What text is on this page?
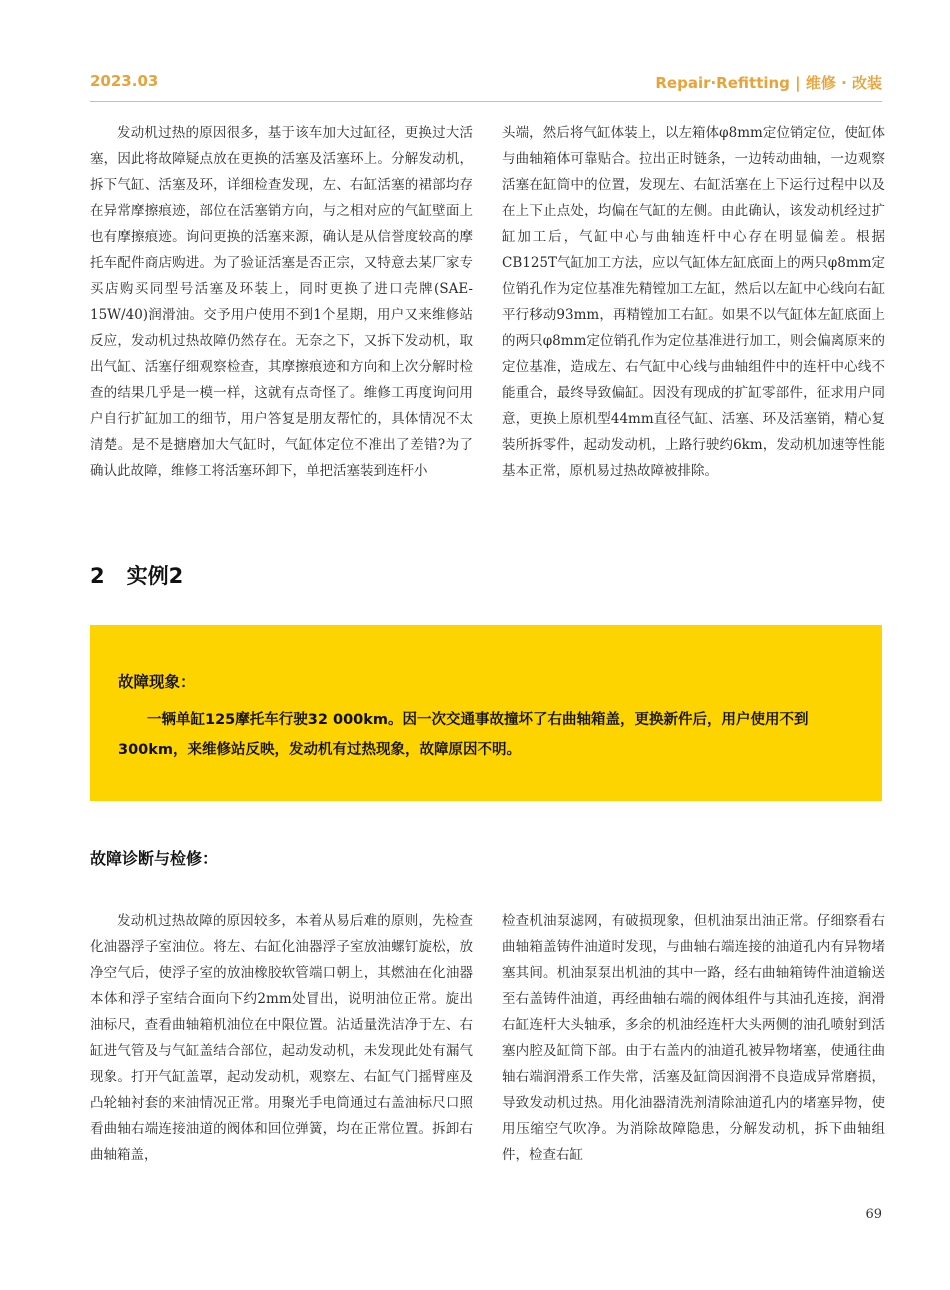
2023.03	Repair·Refitting | 维修 · 改装

发动机过热的原因很多，基于该车加大过缸径，更换过大活塞，因此将故障疑点放在更换的活塞及活塞环上。分解发动机，拆下气缸、活塞及环，详细检查发现，左、右缸活塞的裙部均存在异常摩擦痕迹，部位在活塞销方向，与之相对应的气缸壁面上也有摩擦痕迹。询问更换的活塞来源，确认是从信誉度较高的摩托车配件商店购进。为了验证活塞是否正宗，又特意去某厂家专买店购买同型号活塞及环装上，同时更换了进口壳牌(SAE-15W/40)润滑油。交予用户使用不到1个星期，用户又来维修站反应，发动机过热故障仍然存在。无奈之下，又拆下发动机，取出气缸、活塞仔细观察检查，其摩擦痕迹和方向和上次分解时检查的结果几乎是一模一样，这就有点奇怪了。维修工再度询问用户自行扩缸加工的细节，用户答复是朋友帮忙的，具体情况不太清楚。是不是搪磨加大气缸时，气缸体定位不准出了差错?为了确认此故障，维修工将活塞环卸下，单把活塞装到连杆小

头端，然后将气缸体装上，以左箱体φ8mm定位销定位，使缸体与曲轴箱体可靠贴合。拉出正时链条，一边转动曲轴，一边观察活塞在缸筒中的位置，发现左、右缸活塞在上下运行过程中以及在上下止点处，均偏在气缸的左侧。由此确认，该发动机经过扩缸加工后，气缸中心与曲轴连杆中心存在明显偏差。根据CB125T气缸加工方法，应以气缸体左缸底面上的两只φ8mm定位销孔作为定位基准先精镗加工左缸，然后以左缸中心线向右缸平行移动93mm，再精镗加工右缸。如果不以气缸体左缸底面上的两只φ8mm定位销孔作为定位基准进行加工，则会偏离原来的定位基准，造成左、右气缸中心线与曲轴组件中的连杆中心线不能重合，最终导致偏缸。因没有现成的扩缸零部件，征求用户同意，更换上原机型44mm直径气缸、活塞、环及活塞销，精心复装所拆零件，起动发动机，上路行驶约6km，发动机加速等性能基本正常，原机易过热故障被排除。

2 实例2
故障现象：
一辆单缸125摩托车行驶32 000km。因一次交通事故撞坏了右曲轴箱盖，更换新件后，用户使用不到300km，来维修站反映，发动机有过热现象，故障原因不明。
故障诊断与检修：

发动机过热故障的原因较多，本着从易后难的原则，先检查化油器浮子室油位。将左、右缸化油器浮子室放油螺钉旋松，放净空气后，使浮子室的放油橡胶软管端口朝上，其燃油在化油器本体和浮子室结合面向下约2mm处冒出，说明油位正常。旋出油标尺，查看曲轴箱机油位在中限位置。沾适量洗洁净于左、右缸进气管及与气缸盖结合部位，起动发动机，未发现此处有漏气现象。打开气缸盖罩，起动发动机，观察左、右缸气门摇臂座及凸轮轴衬套的来油情况正常。用聚光手电筒通过右盖油标尺口照看曲轴右端连接油道的阀体和回位弹簧，均在正常位置。拆卸右曲轴箱盖，

检查机油泵滤网，有破损现象，但机油泵出油正常。仔细察看右曲轴箱盖铸件油道时发现，与曲轴右端连接的油道孔内有异物堵塞其间。机油泵泵出机油的其中一路，经右曲轴箱铸件油道输送至右盖铸件油道，再经曲轴右端的阀体组件与其油孔连接，润滑右缸连杆大头轴承，多余的机油经连杆大头两侧的油孔喷射到活塞内腔及缸筒下部。由于右盖内的油道孔被异物堵塞，使通往曲轴右端润滑系工作失常，活塞及缸筒因润滑不良造成异常磨损，导致发动机过热。用化油器清洗剂清除油道孔内的堵塞异物，使用压缩空气吹净。为消除故障隐患，分解发动机，拆下曲轴组件，检查右缸

69
